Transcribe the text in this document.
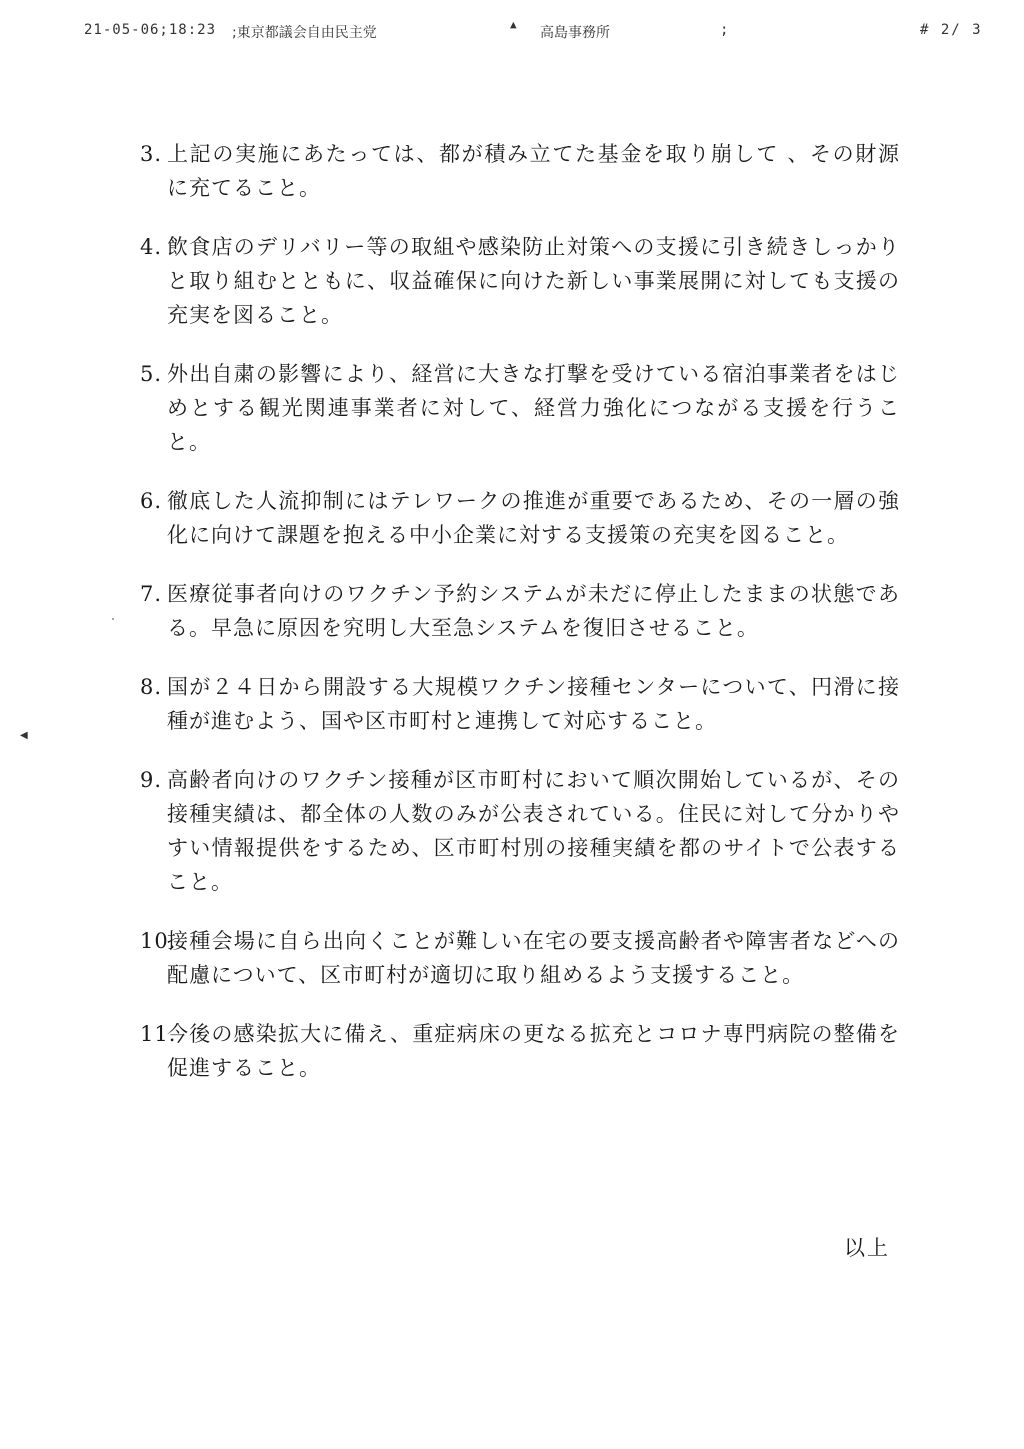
21-05-06;18:23 ;東京都議会自由民主党
▲
高島事務所	;	# 2/ 3
◀
3. 上記の実施にあたっては、都が積み立てた基金を取り崩して 、その財源に充てること。
4. 飲食店のデリバリー等の取組や感染防止対策への支援に引き続きしっかりと取り組むとともに、収益確保に向けた新しい事業展開に対しても支援の充実を図ること。
5. 外出自粛の影響により、経営に大きな打撃を受けている宿泊事業者をはじめとする観光関連事業者に対して、経営力強化につながる支援を行うこと。
6. 徹底した人流抑制にはテレワークの推進が重要であるため、その一層の強化に向けて課題を抱える中小企業に対する支援策の充実を図ること。
7. 医療従事者向けのワクチン予約システムが未だに停止したままの状態である。早急に原因を究明し大至急システムを復旧させること。
8. 国が２４日から開設する大規模ワクチン接種センターについて、円滑に接種が進むよう、国や区市町村と連携して対応すること。
9. 高齢者向けのワクチン接種が区市町村において順次開始しているが、その接種実績は、都全体の人数のみが公表されている。住民に対して分かりやすい情報提供をするため、区市町村別の接種実績を都のサイトで公表すること。
10.
接種会場に自ら出向くことが難しい在宅の要支援高齢者や障害者などへの配慮について、区市町村が適切に取り組めるよう支援すること。
11.
今後の感染拡大に備え、重症病床の更なる拡充とコロナ専門病院の整備を促進すること。
以上
